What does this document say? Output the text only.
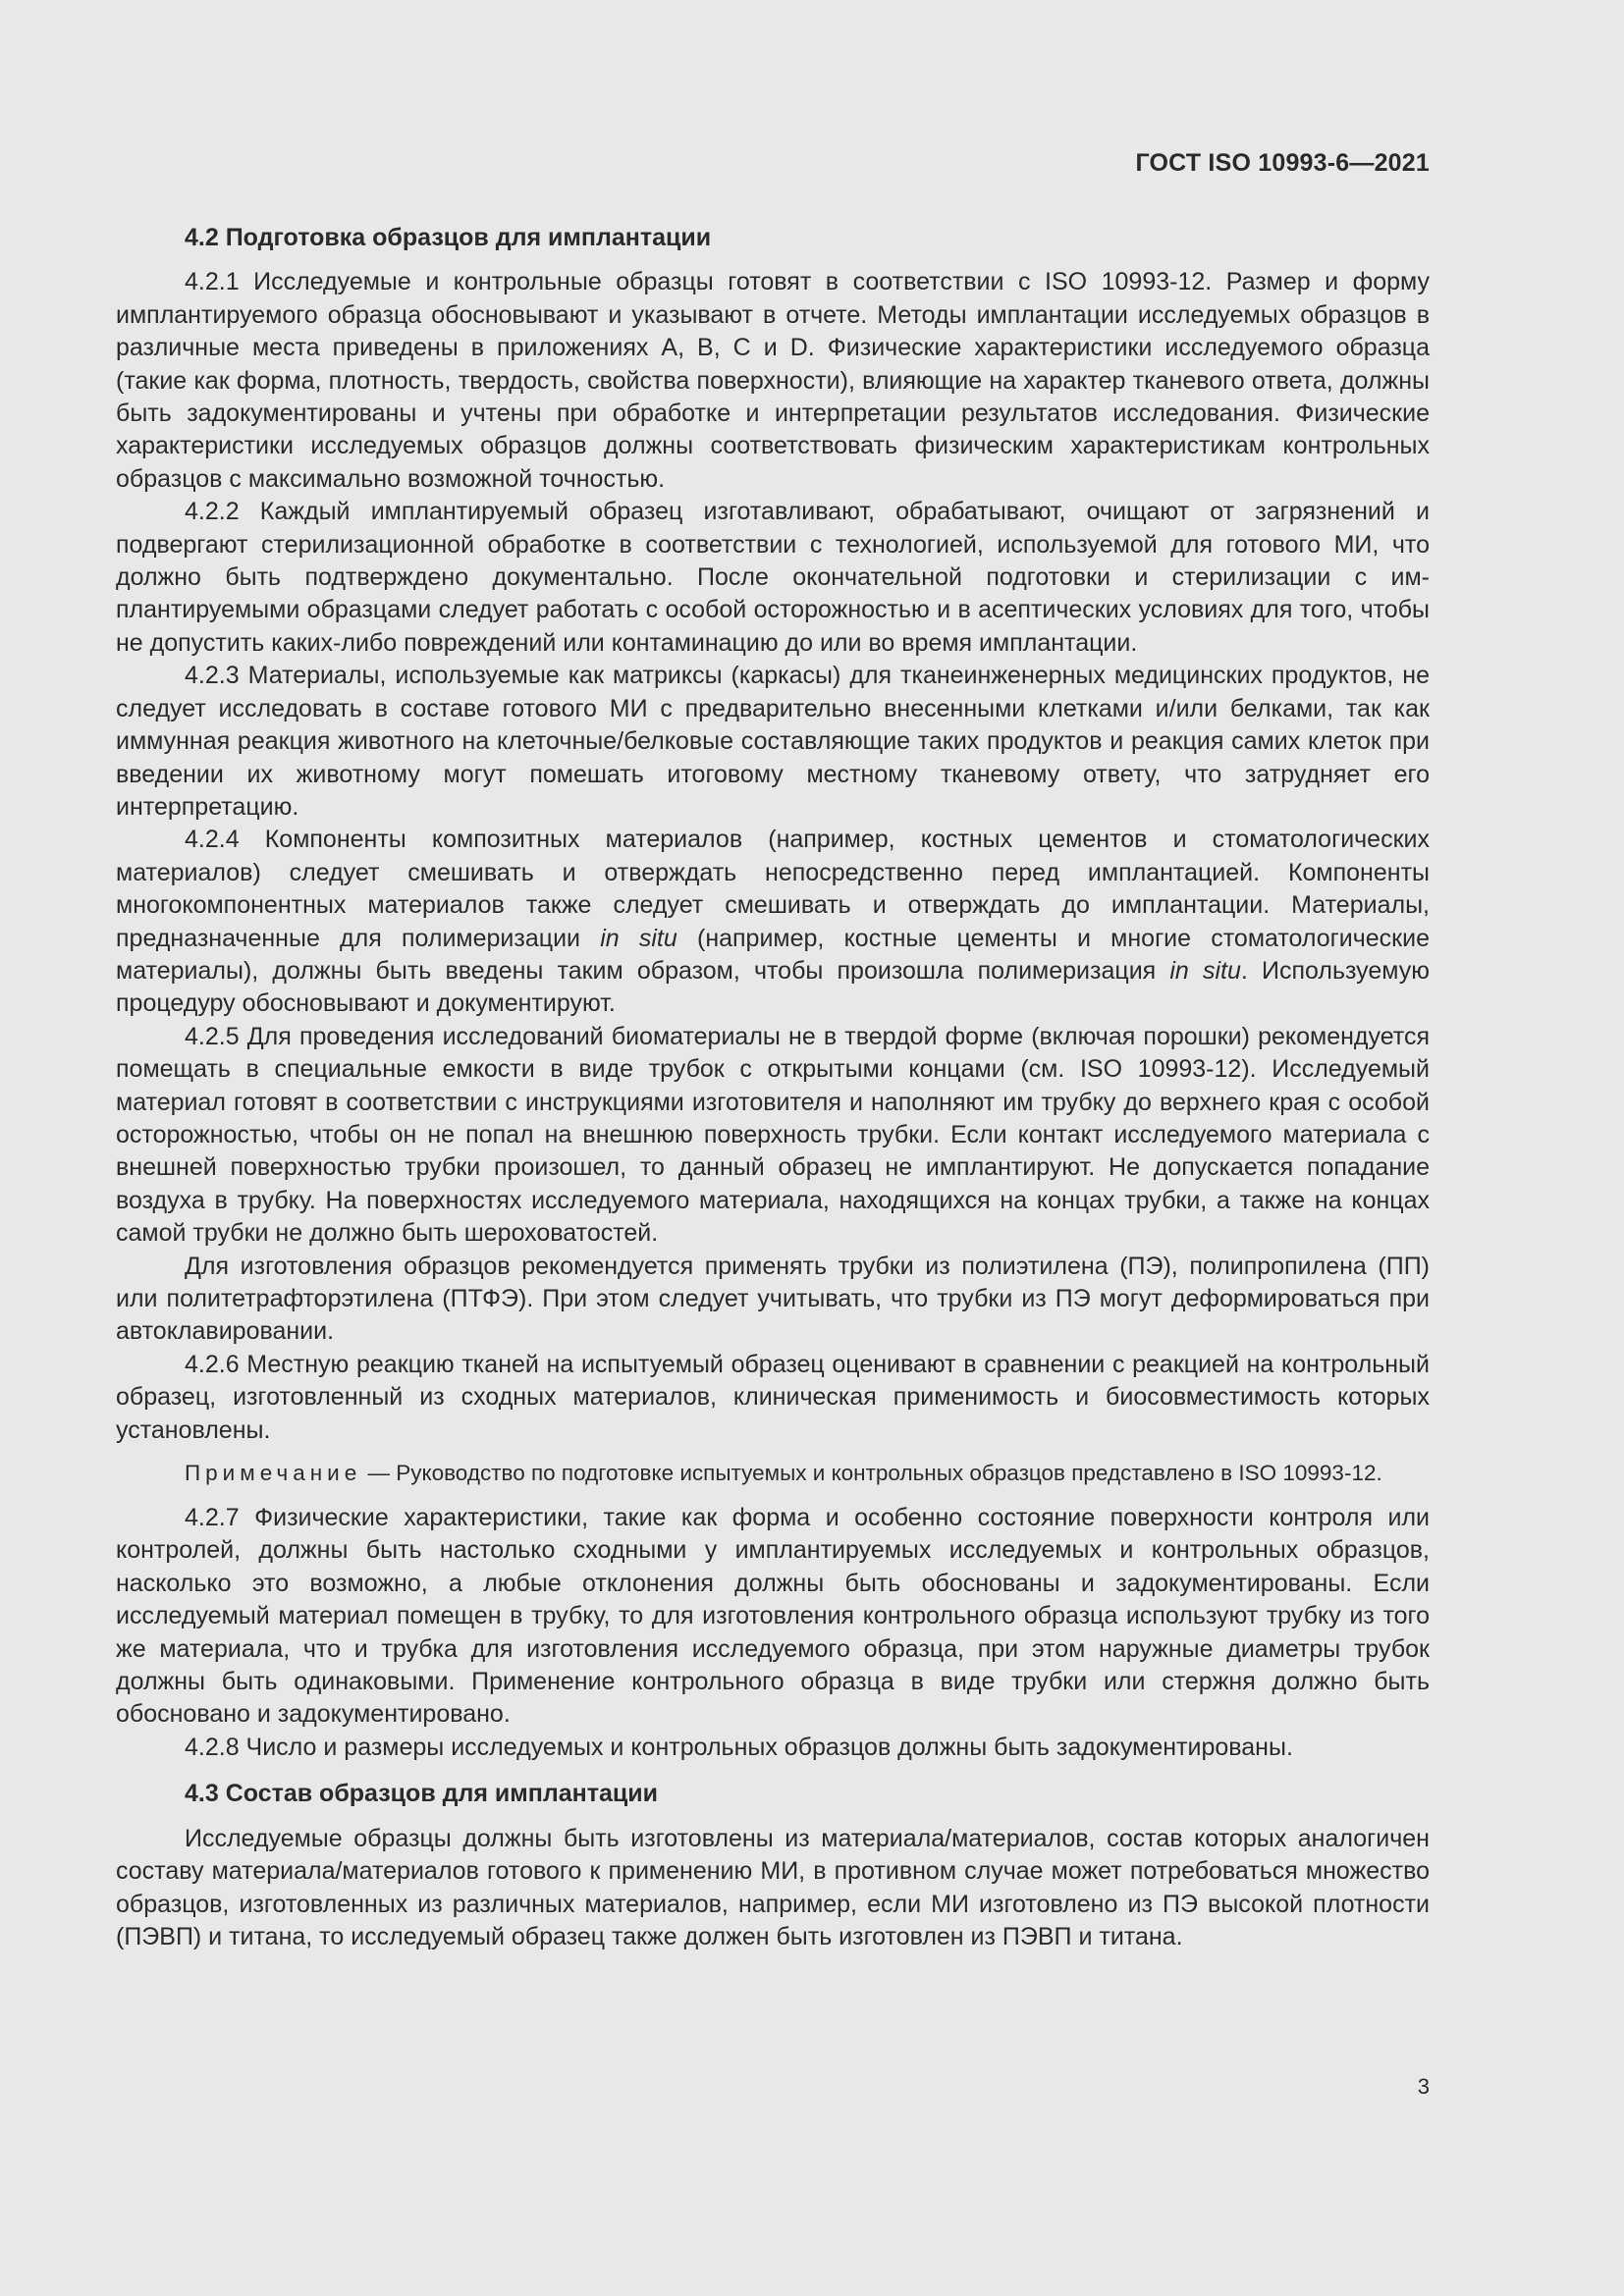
ГОСТ ISO 10993-6—2021
4.2 Подготовка образцов для имплантации

4.2.1 Исследуемые и контрольные образцы готовят в соответствии с ISO 10993-12. Размер и форму имплантируемого образца обосновывают и указывают в отчете. Методы имплантации исследуемых образцов в различные места приведены в приложениях А, В, С и D. Физические характеристики исследуемого образца (такие как форма, плотность, твердость, свойства поверхности), влияющие на характер тканевого ответа, должны быть задокументированы и учтены при обработке и интерпретации результатов исследования. Физические характеристики исследуемых образцов должны соответствовать физическим характеристикам контрольных образцов с максимально возможной точностью.

4.2.2 Каждый имплантируемый образец изготавливают, обрабатывают, очищают от загрязнений и подвергают стерилизационной обработке в соответствии с технологией, используемой для готового МИ, что должно быть подтверждено документально. После окончательной подготовки и стерилизации с имплантируемыми образцами следует работать с особой осторожностью и в асептических условиях для того, чтобы не допустить каких-либо повреждений или контаминацию до или во время имплантации.

4.2.3 Материалы, используемые как матриксы (каркасы) для тканеинженерных медицинских продуктов, не следует исследовать в составе готового МИ с предварительно внесенными клетками и/или белками, так как иммунная реакция животного на клеточные/белковые составляющие таких продуктов и реакция самих клеток при введении их животному могут помешать итоговому местному тканевому ответу, что затрудняет его интерпретацию.

4.2.4 Компоненты композитных материалов (например, костных цементов и стоматологических материалов) следует смешивать и отверждать непосредственно перед имплантацией. Компоненты многокомпонентных материалов также следует смешивать и отверждать до имплантации. Материалы, предназначенные для полимеризации in situ (например, костные цементы и многие стоматологические материалы), должны быть введены таким образом, чтобы произошла полимеризация in situ. Используемую процедуру обосновывают и документируют.

4.2.5 Для проведения исследований биоматериалы не в твердой форме (включая порошки) рекомендуется помещать в специальные емкости в виде трубок с открытыми концами (см. ISO 10993-12). Исследуемый материал готовят в соответствии с инструкциями изготовителя и наполняют им трубку до верхнего края с особой осторожностью, чтобы он не попал на внешнюю поверхность трубки. Если контакт исследуемого материала с внешней поверхностью трубки произошел, то данный образец не имплантируют. Не допускается попадание воздуха в трубку. На поверхностях исследуемого материала, находящихся на концах трубки, а также на концах самой трубки не должно быть шероховатостей.

Для изготовления образцов рекомендуется применять трубки из полиэтилена (ПЭ), полипропилена (ПП) или политетрафторэтилена (ПТФЭ). При этом следует учитывать, что трубки из ПЭ могут деформироваться при автоклавировании.

4.2.6 Местную реакцию тканей на испытуемый образец оценивают в сравнении с реакцией на контрольный образец, изготовленный из сходных материалов, клиническая применимость и биосовместимость которых установлены.

Примечание — Руководство по подготовке испытуемых и контрольных образцов представлено в ISO 10993-12.

4.2.7 Физические характеристики, такие как форма и особенно состояние поверхности контроля или контролей, должны быть настолько сходными у имплантируемых исследуемых и контрольных образцов, насколько это возможно, а любые отклонения должны быть обоснованы и задокументированы. Если исследуемый материал помещен в трубку, то для изготовления контрольного образца используют трубку из того же материала, что и трубка для изготовления исследуемого образца, при этом наружные диаметры трубок должны быть одинаковыми. Применение контрольного образца в виде трубки или стержня должно быть обосновано и задокументировано.

4.2.8 Число и размеры исследуемых и контрольных образцов должны быть задокументированы.

4.3 Состав образцов для имплантации

Исследуемые образцы должны быть изготовлены из материала/материалов, состав которых аналогичен составу материала/материалов готового к применению МИ, в противном случае может потребоваться множество образцов, изготовленных из различных материалов, например, если МИ изготовлено из ПЭ высокой плотности (ПЭВП) и титана, то исследуемый образец также должен быть изготовлен из ПЭВП и титана.

3
